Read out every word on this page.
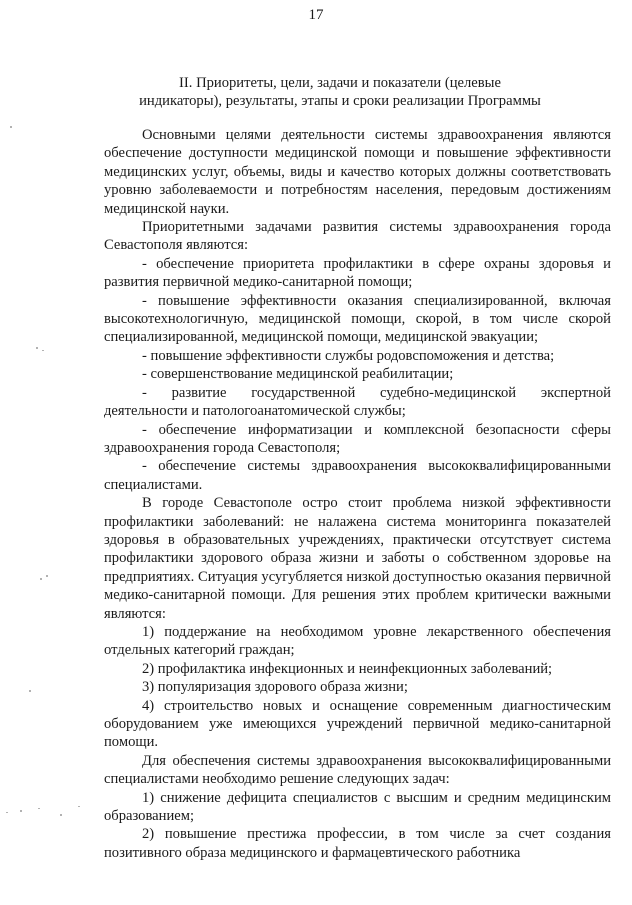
17
II. Приоритеты, цели, задачи и показатели (целевые
индикаторы), результаты, этапы и сроки реализации Программы

Основными целями деятельности системы здравоохранения являются обеспечение доступности медицинской помощи и повышение эффективности медицинских услуг, объемы, виды и качество которых должны соответствовать уровню заболеваемости и потребностям населения, передовым достижениям медицинской науки.

Приоритетными задачами развития системы здравоохранения города Севастополя являются:

- обеспечение приоритета профилактики в сфере охраны здоровья и развития первичной медико-санитарной помощи;

- повышение эффективности оказания специализированной, включая высокотехнологичную, медицинской помощи, скорой, в том числе скорой специализированной, медицинской помощи, медицинской эвакуации;

- повышение эффективности службы родовспоможения и детства;

- совершенствование медицинской реабилитации;

- развитие государственной судебно-медицинской экспертной деятельности и патологоанатомической службы;

- обеспечение информатизации и комплексной безопасности сферы здравоохранения города Севастополя;

- обеспечение системы здравоохранения высококвалифицированными специалистами.

В городе Севастополе остро стоит проблема низкой эффективности профилактики заболеваний: не налажена система мониторинга показателей здоровья в образовательных учреждениях, практически отсутствует система профилактики здорового образа жизни и заботы о собственном здоровье на предприятиях. Ситуация усугубляется низкой доступностью оказания первичной медико-санитарной помощи. Для решения этих проблем критически важными являются:

1) поддержание на необходимом уровне лекарственного обеспечения отдельных категорий граждан;

2) профилактика инфекционных и неинфекционных заболеваний;

3) популяризация здорового образа жизни;

4) строительство новых и оснащение современным диагностическим оборудованием уже имеющихся учреждений первичной медико-санитарной помощи.

Для обеспечения системы здравоохранения высококвалифицированными специалистами необходимо решение следующих задач:

1) снижение дефицита специалистов с высшим и средним медицинским образованием;

2) повышение престижа профессии, в том числе за счет создания позитивного образа медицинского и фармацевтического работника
